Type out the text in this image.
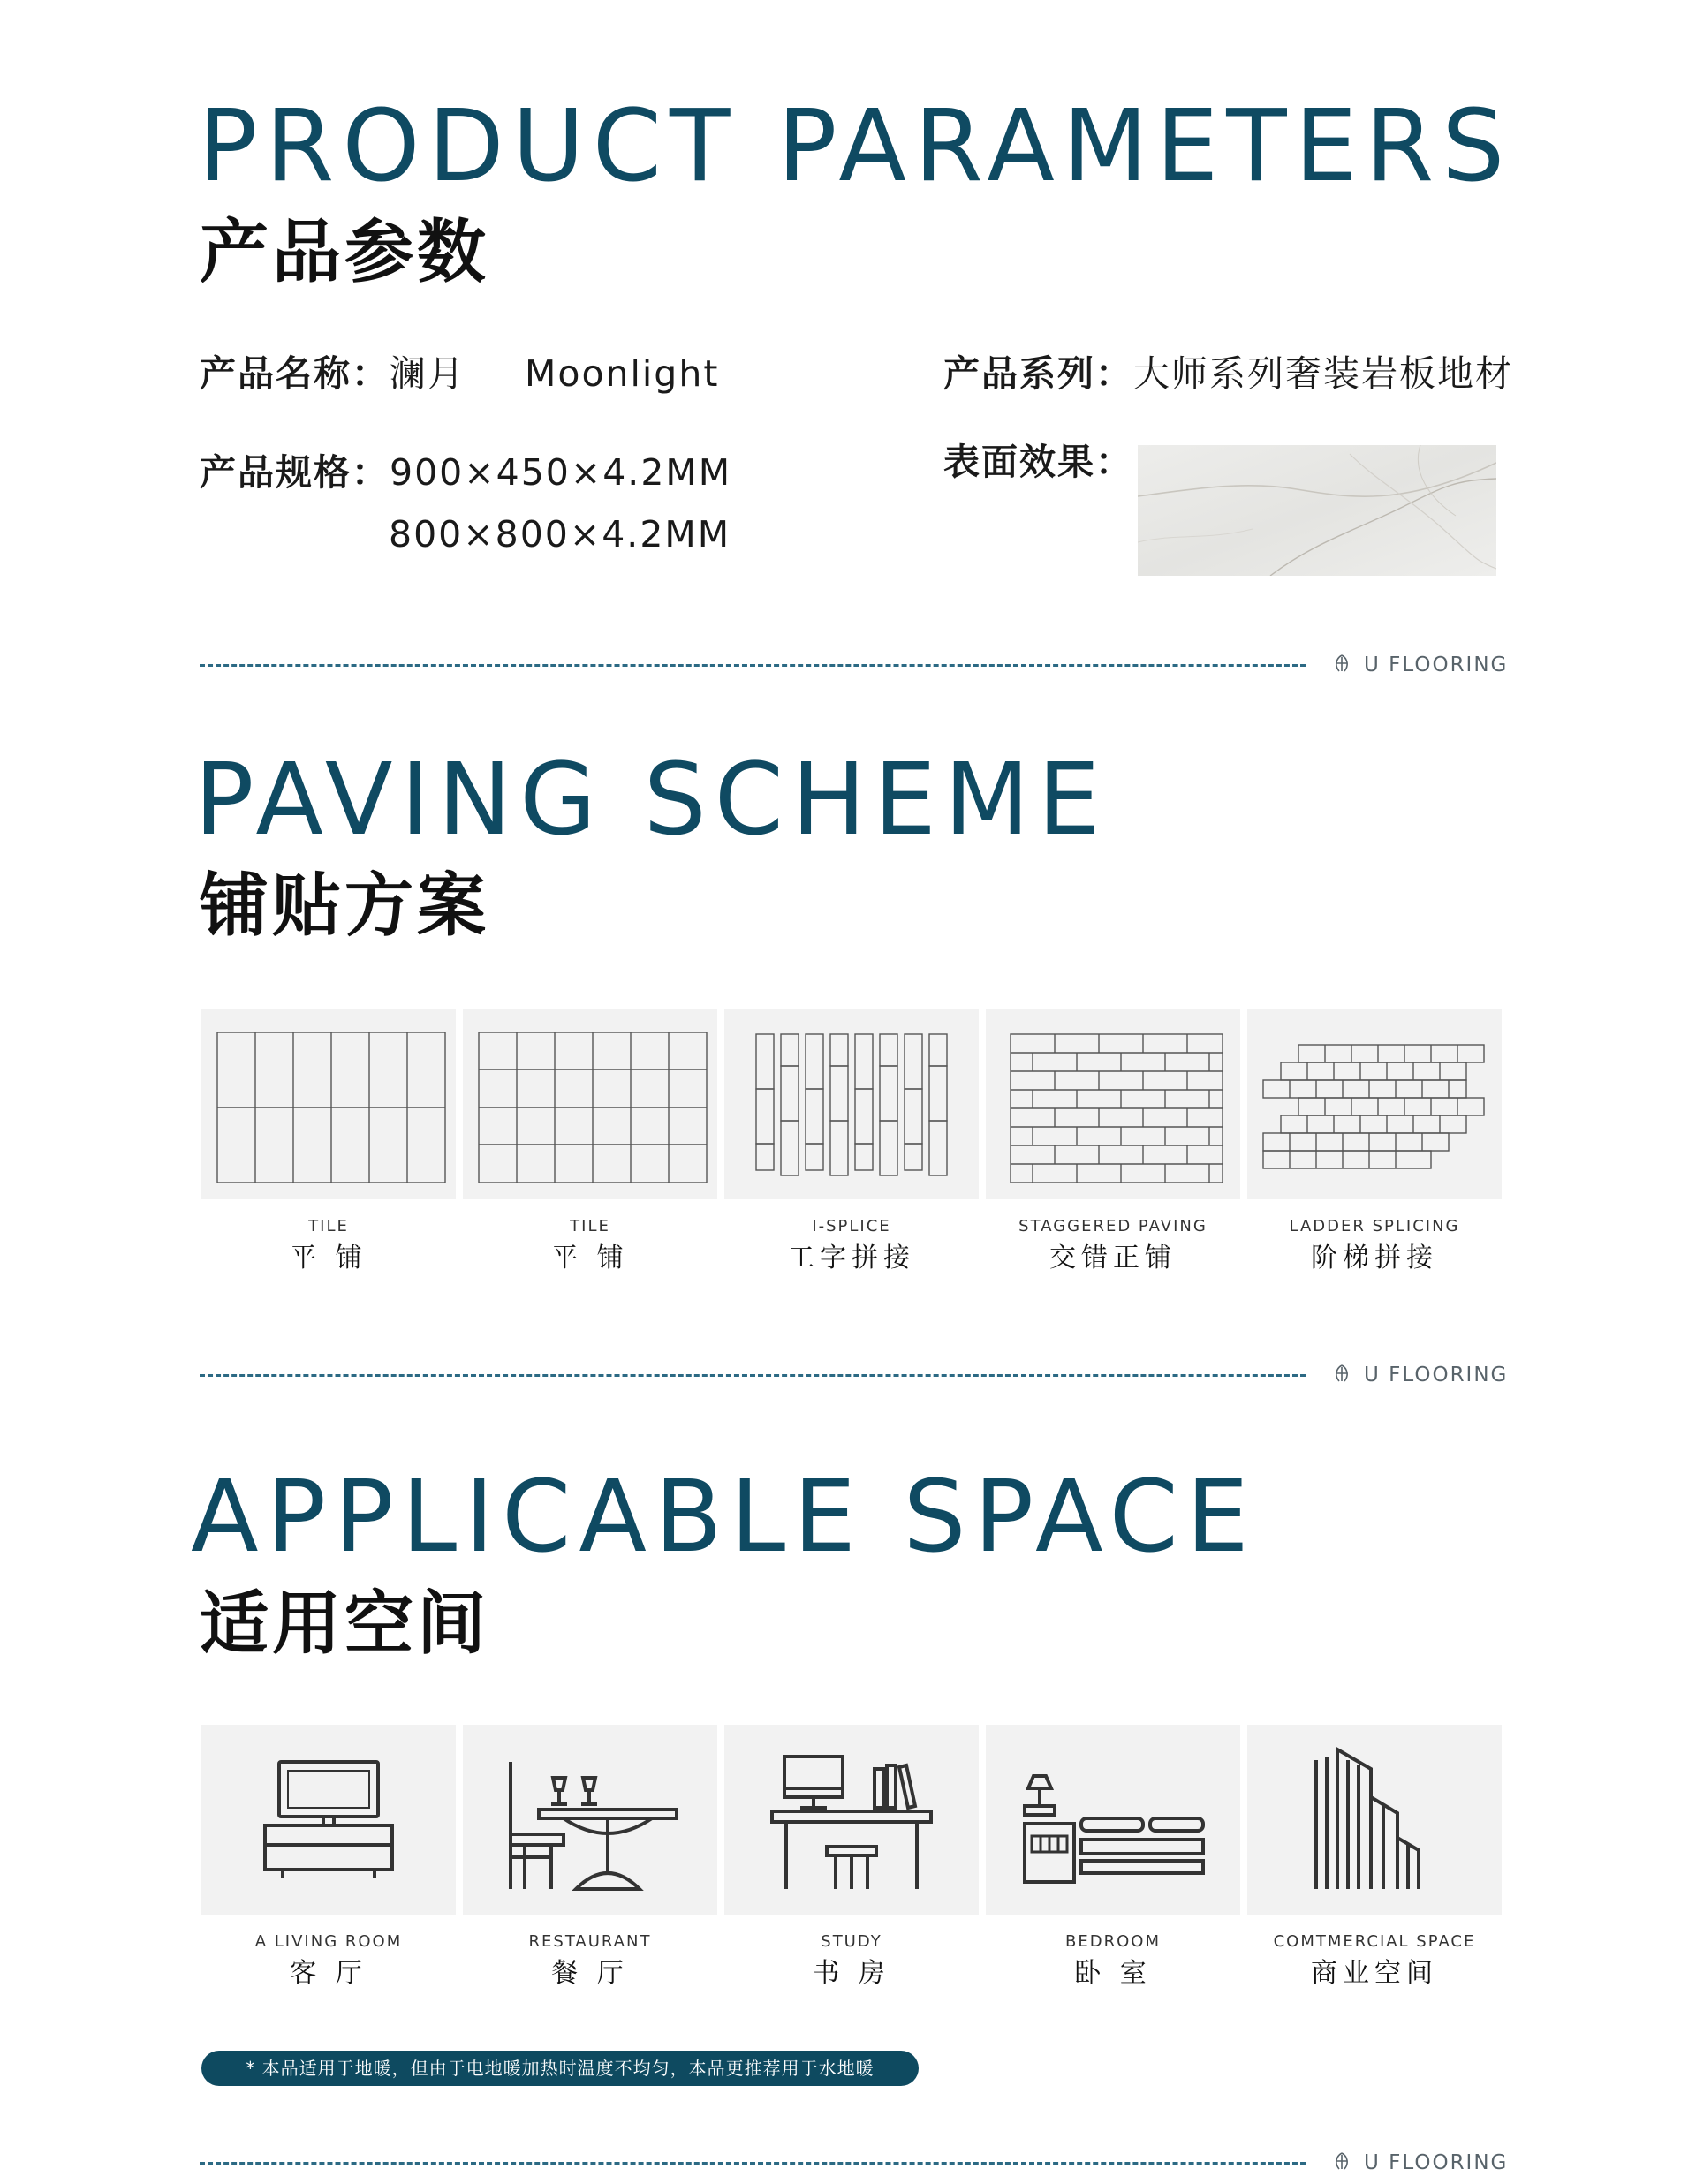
PRODUCT PARAMETERS
产品参数
产品名称：澜月 Moonlight	产品系列：大师系列奢装岩板地材
产品规格：900×450×4.2MM
800×800×4.2MM
表面效果：
U FLOORING
PAVING SCHEME
铺贴方案
TILE
平 铺
TILE
平 铺
I-SPLICE
工字拼接
STAGGERED PAVING
交错正铺
LADDER SPLICING
阶梯拼接
U FLOORING
APPLICABLE SPACE
适用空间
A LIVING ROOM
客 厅
RESTAURANT
餐 厅
STUDY
书 房
BEDROOM
卧 室
COMTMERCIAL SPACE
商业空间
* 本品适用于地暖，但由于电地暖加热时温度不均匀，本品更推荐用于水地暖
U FLOORING
